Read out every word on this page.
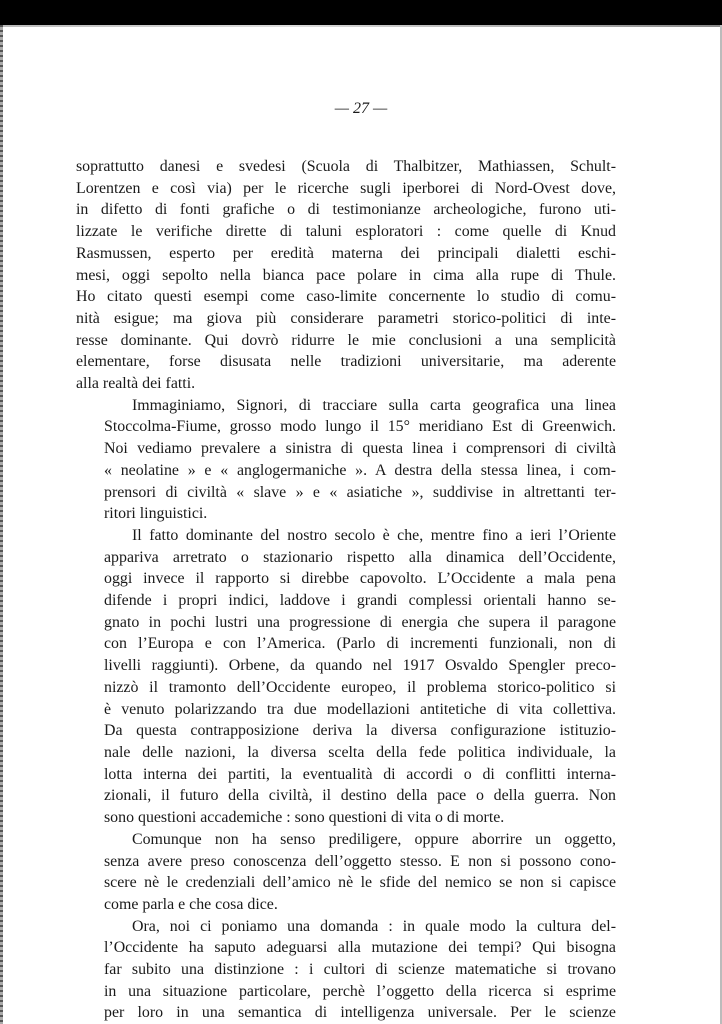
— 27 —

soprattutto danesi e svedesi (Scuola di Thalbitzer, Mathiassen, Schult-
Lorentzen e così via) per le ricerche sugli iperborei di Nord-Ovest dove,
in difetto di fonti grafiche o di testimonianze archeologiche, furono uti-
lizzate le verifiche dirette di taluni esploratori : come quelle di Knud
Rasmussen, esperto per eredità materna dei principali dialetti eschi-
mesi, oggi sepolto nella bianca pace polare in cima alla rupe di Thule.
Ho citato questi esempi come caso-limite concernente lo studio di comu-
nità esigue; ma giova più considerare parametri storico-politici di inte-
resse dominante. Qui dovrò ridurre le mie conclusioni a una semplicità
elementare, forse disusata nelle tradizioni universitarie, ma aderente
alla realtà dei fatti.

Immaginiamo, Signori, di tracciare sulla carta geografica una linea
Stoccolma-Fiume, grosso modo lungo il 15° meridiano Est di Greenwich.
Noi vediamo prevalere a sinistra di questa linea i comprensori di civiltà
« neolatine » e « anglogermaniche ». A destra della stessa linea, i com-
prensori di civiltà « slave » e « asiatiche », suddivise in altrettanti ter-
ritori linguistici.

Il fatto dominante del nostro secolo è che, mentre fino a ieri l’Oriente
appariva arretrato o stazionario rispetto alla dinamica dell’Occidente,
oggi invece il rapporto si direbbe capovolto. L’Occidente a mala pena
difende i propri indici, laddove i grandi complessi orientali hanno se-
gnato in pochi lustri una progressione di energia che supera il paragone
con l’Europa e con l’America. (Parlo di incrementi funzionali, non di
livelli raggiunti). Orbene, da quando nel 1917 Osvaldo Spengler preco-
nizzò il tramonto dell’Occidente europeo, il problema storico-politico si
è venuto polarizzando tra due modellazioni antitetiche di vita collettiva.
Da questa contrapposizione deriva la diversa configurazione istituzio-
nale delle nazioni, la diversa scelta della fede politica individuale, la
lotta interna dei partiti, la eventualità di accordi o di conflitti interna-
zionali, il futuro della civiltà, il destino della pace o della guerra. Non
sono questioni accademiche : sono questioni di vita o di morte.

Comunque non ha senso prediligere, oppure aborrire un oggetto,
senza avere preso conoscenza dell’oggetto stesso. E non si possono cono-
scere nè le credenziali dell’amico nè le sfide del nemico se non si capisce
come parla e che cosa dice.

Ora, noi ci poniamo una domanda : in quale modo la cultura del-
l’Occidente ha saputo adeguarsi alla mutazione dei tempi? Qui bisogna
far subito una distinzione : i cultori di scienze matematiche si trovano
in una situazione particolare, perchè l’oggetto della ricerca si esprime
per loro in una semantica di intelligenza universale. Per le scienze
